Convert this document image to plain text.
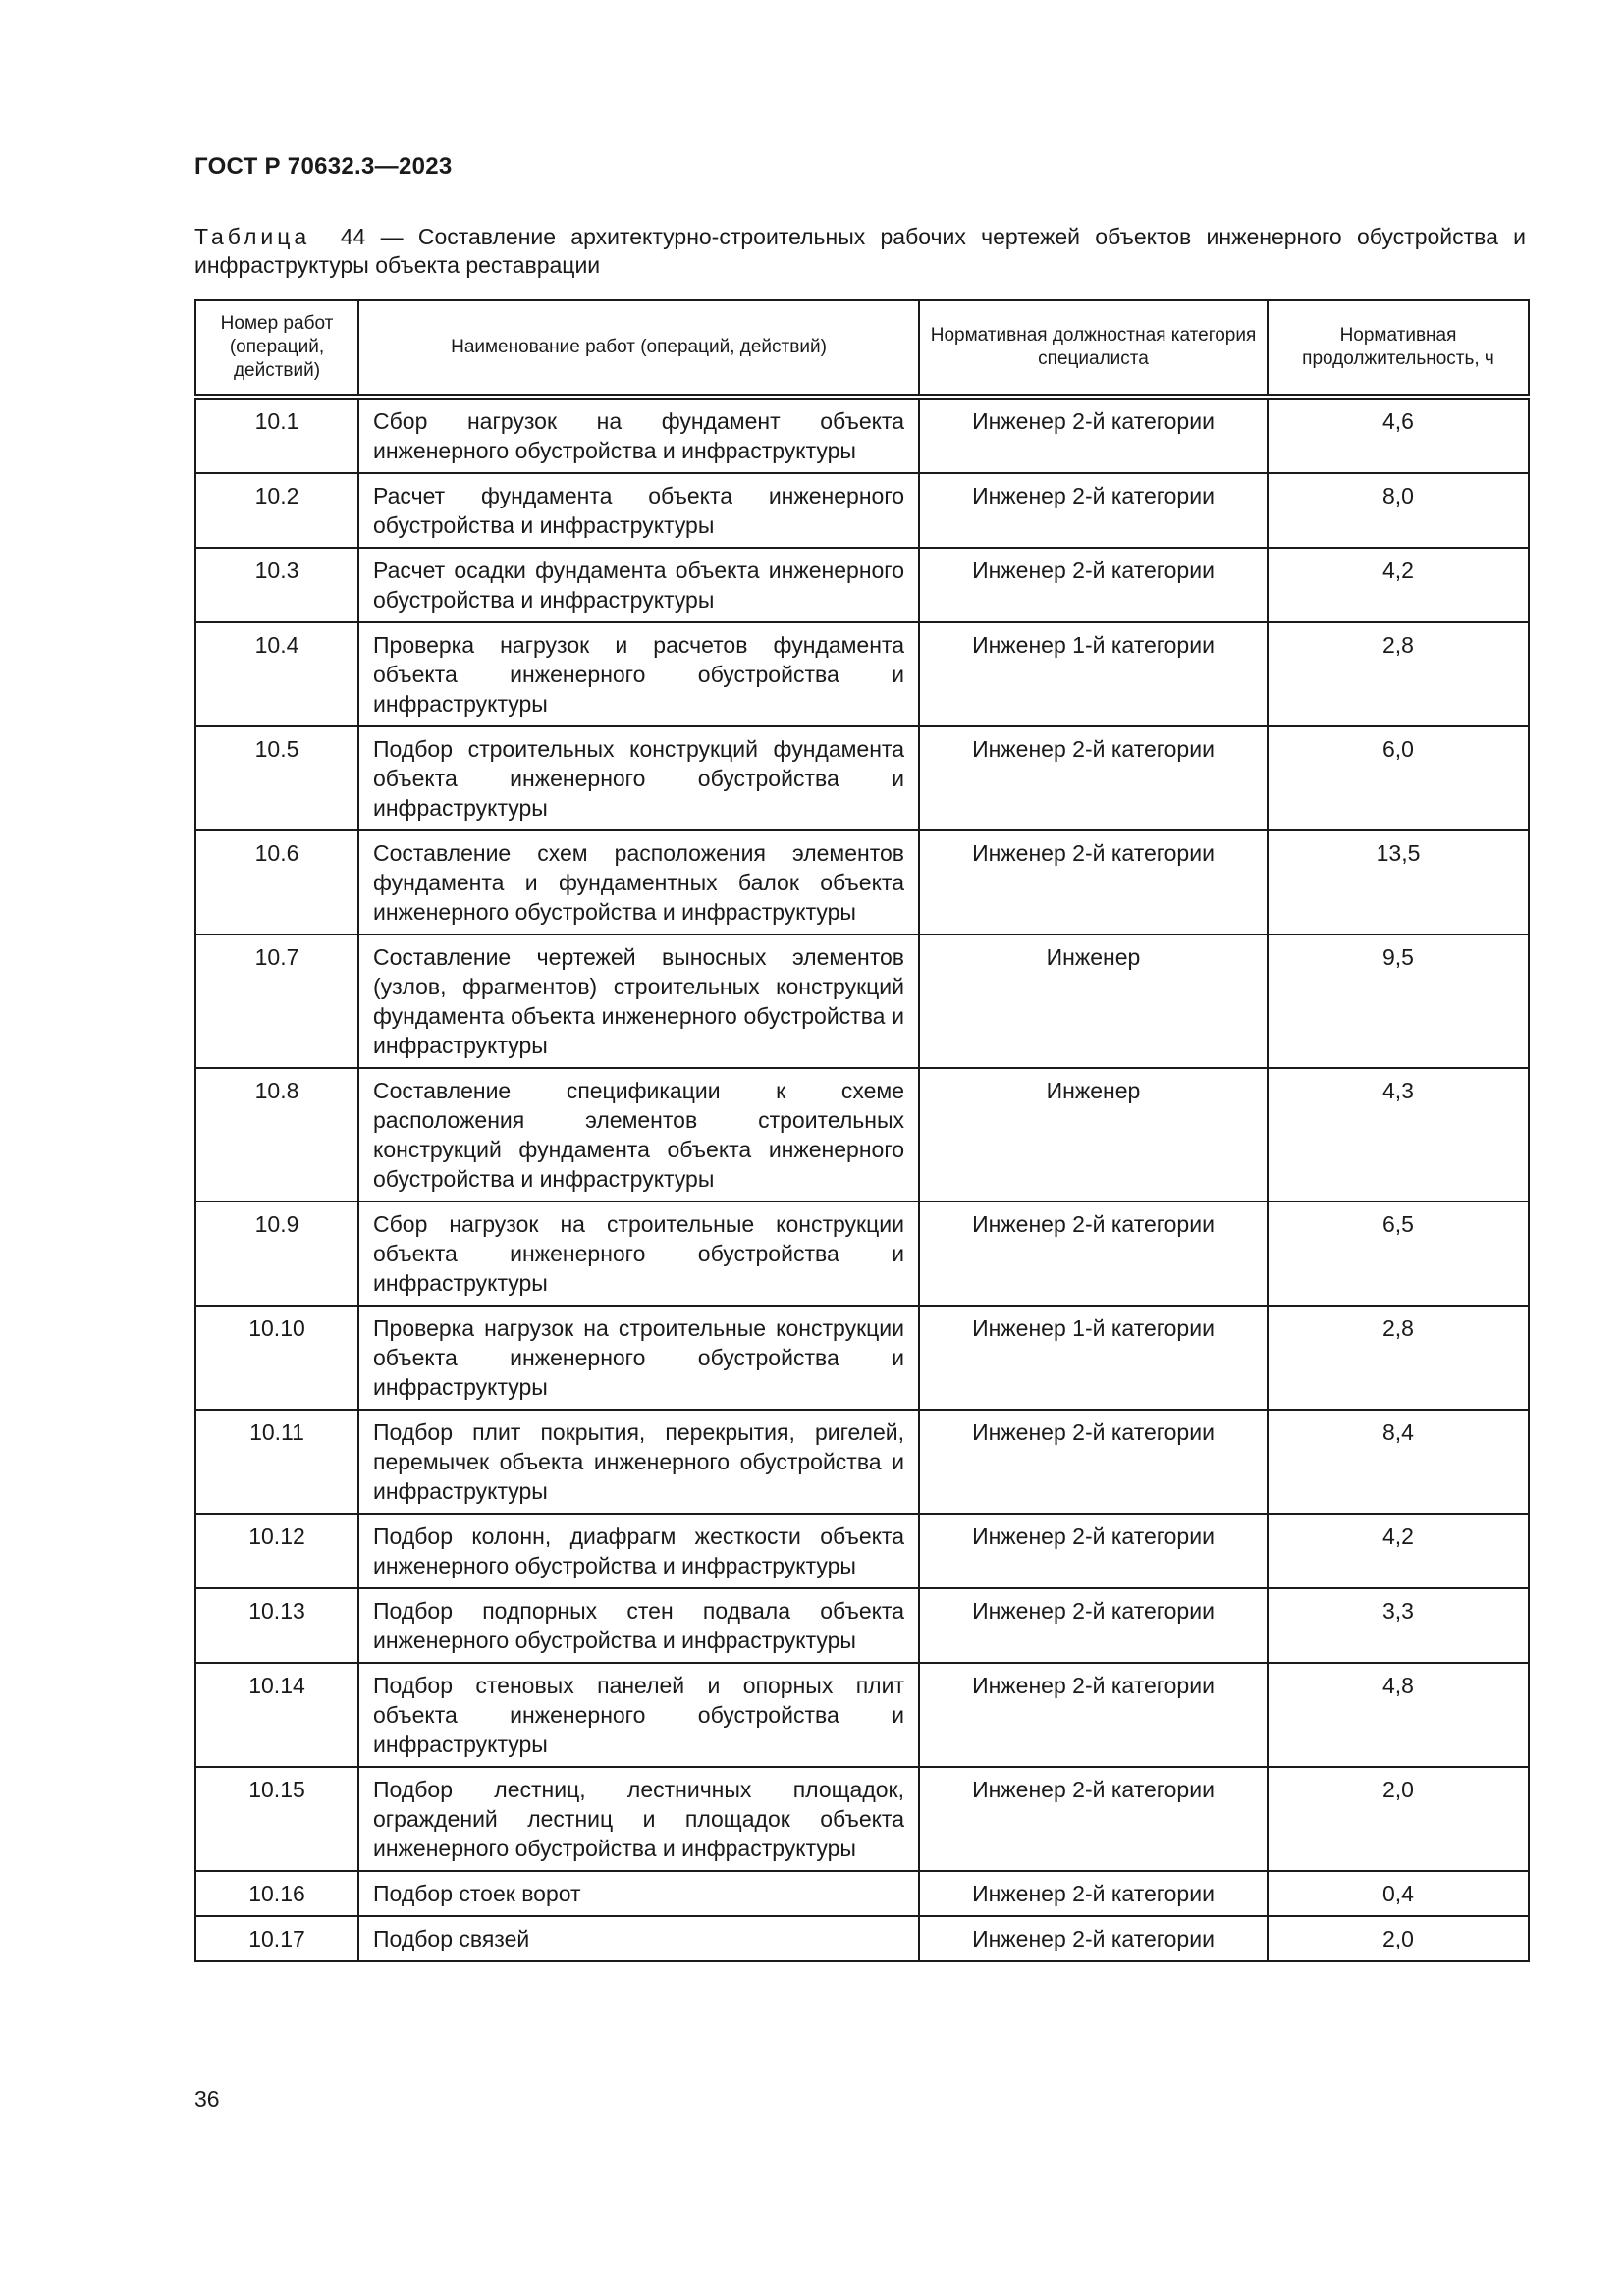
ГОСТ Р 70632.3—2023
Таблица 44 — Составление архитектурно-строительных рабочих чертежей объектов инженерного обустройства и инфраструктуры объекта реставрации
Номер работ (операций, действий)	Наименование работ (операций, действий)	Нормативная должностная категория специалиста	Нормативная продолжительность, ч
10.1	Сбор нагрузок на фундамент объекта инженерного обустройства и инфраструктуры	Инженер 2-й категории	4,6
10.2	Расчет фундамента объекта инженерного обустройства и инфраструктуры	Инженер 2-й категории	8,0
10.3	Расчет осадки фундамента объекта инженерного обустройства и инфраструктуры	Инженер 2-й категории	4,2
10.4	Проверка нагрузок и расчетов фундамента объекта инженерного обустройства и инфраструктуры	Инженер 1-й категории	2,8
10.5	Подбор строительных конструкций фундамента объекта инженерного обустройства и инфраструктуры	Инженер 2-й категории	6,0
10.6	Составление схем расположения элементов фундамента и фундаментных балок объекта инженерного обустройства и инфраструктуры	Инженер 2-й категории	13,5
10.7	Составление чертежей выносных элементов (узлов, фрагментов) строительных конструкций фундамента объекта инженерного обустройства и инфраструктуры	Инженер	9,5
10.8	Составление спецификации к схеме расположения элементов строительных конструкций фундамента объекта инженерного обустройства и инфраструктуры	Инженер	4,3
10.9	Сбор нагрузок на строительные конструкции объекта инженерного обустройства и инфраструктуры	Инженер 2-й категории	6,5
10.10	Проверка нагрузок на строительные конструкции объекта инженерного обустройства и инфраструктуры	Инженер 1-й категории	2,8
10.11	Подбор плит покрытия, перекрытия, ригелей, перемычек объекта инженерного обустройства и инфраструктуры	Инженер 2-й категории	8,4
10.12	Подбор колонн, диафрагм жесткости объекта инженерного обустройства и инфраструктуры	Инженер 2-й категории	4,2
10.13	Подбор подпорных стен подвала объекта инженерного обустройства и инфраструктуры	Инженер 2-й категории	3,3
10.14	Подбор стеновых панелей и опорных плит объекта инженерного обустройства и инфраструктуры	Инженер 2-й категории	4,8
10.15	Подбор лестниц, лестничных площадок, ограждений лестниц и площадок объекта инженерного обустройства и инфраструктуры	Инженер 2-й категории	2,0
10.16	Подбор стоек ворот	Инженер 2-й категории	0,4
10.17	Подбор связей	Инженер 2-й категории	2,0
36
